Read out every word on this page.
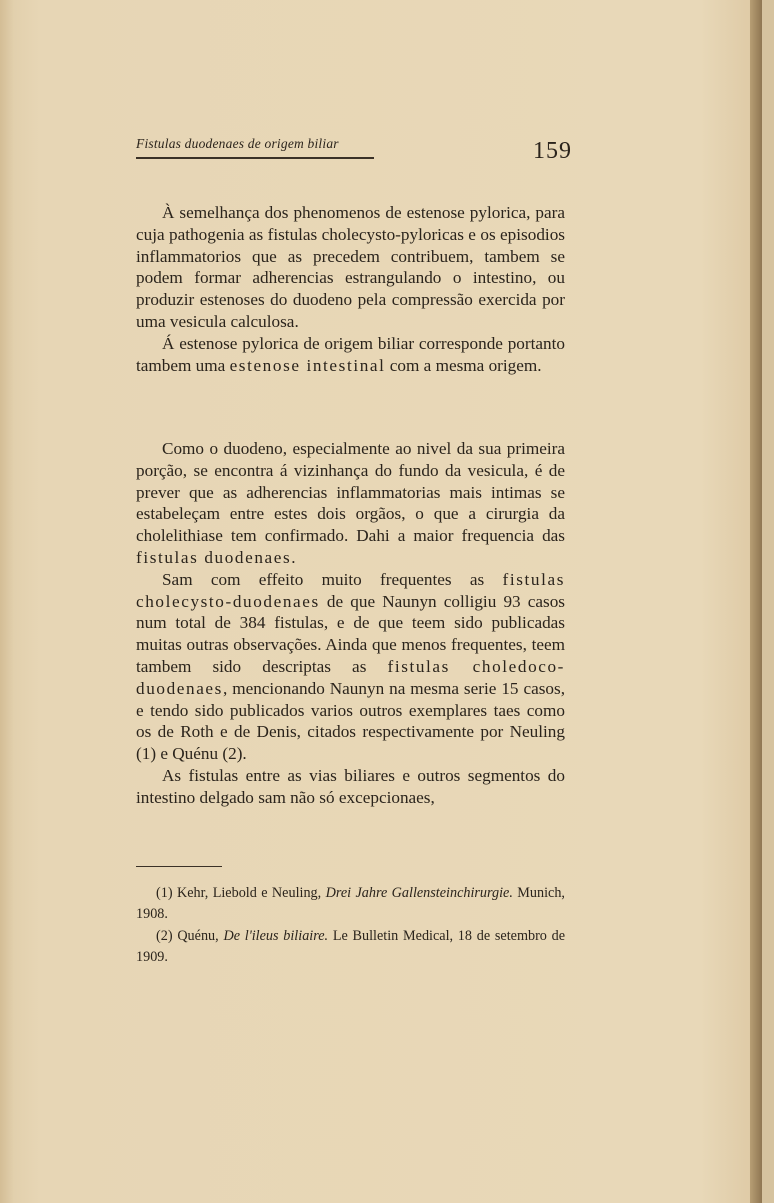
Fistulas duodenaes de origem biliar	159

À semelhança dos phenomenos de estenose pylorica, para cuja pathogenia as fistulas cholecysto-pyloricas e os episodios inflammatorios que as precedem contribuem, tambem se podem formar adherencias estrangulando o intestino, ou produzir estenoses do duodeno pela compressão exercida por uma vesicula calculosa.

Á estenose pylorica de origem biliar corresponde portanto tambem uma estenose intestinal com a mesma origem.

Como o duodeno, especialmente ao nivel da sua primeira porção, se encontra á vizinhança do fundo da vesicula, é de prever que as adherencias inflammatorias mais intimas se estabeleçam entre estes dois orgãos, o que a cirurgia da cholelithiase tem confirmado. Dahi a maior frequencia das fistulas duodenaes.

Sam com effeito muito frequentes as fistulas cholecysto-duodenaes de que Naunyn colligiu 93 casos num total de 384 fistulas, e de que teem sido publicadas muitas outras observações. Ainda que menos frequentes, teem tambem sido descriptas as fistulas choledoco-duodenaes, mencionando Naunyn na mesma serie 15 casos, e tendo sido publicados varios outros exemplares taes como os de Roth e de Denis, citados respectivamente por Neuling (1) e Quénu (2).

As fistulas entre as vias biliares e outros segmentos do intestino delgado sam não só excepcionaes,

(1) Kehr, Liebold e Neuling, Drei Jahre Gallensteinchirurgie. Munich, 1908.

(2) Quénu, De l'ileus biliaire. Le Bulletin Medical, 18 de setembro de 1909.
